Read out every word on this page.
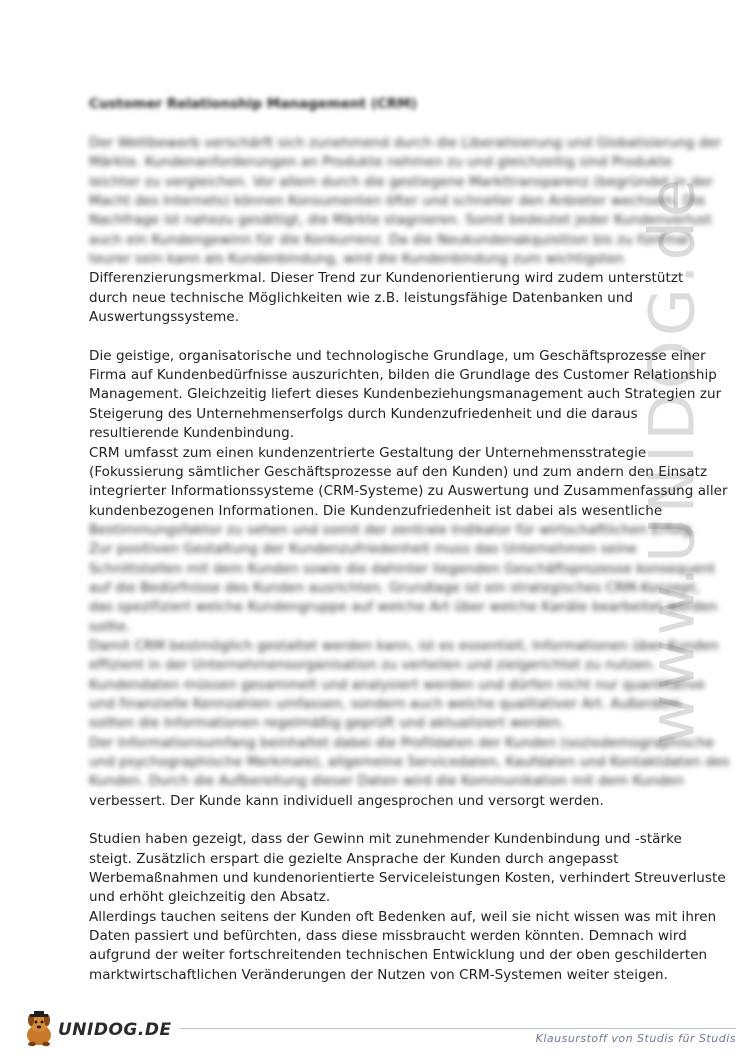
www.UNIDOG.de
Customer Relationship Management (CRM)
Der Wettbewerb verschärft sich zunehmend durch die Liberalisierung und Globalisierung der
Märkte. Kundenanforderungen an Produkte nehmen zu und gleichzeitig sind Produkte
leichter zu vergleichen. Vor allem durch die gestiegene Markttransparenz (begründet in der
Macht des Internets) können Konsumenten öfter und schneller den Anbieter wechseln. Die
Nachfrage ist nahezu gesättigt, die Märkte stagnieren. Somit bedeutet jeder Kundenverlust
auch ein Kundengewinn für die Konkurrenz. Da die Neukundenakquisition bis zu fünfmal
teurer sein kann als Kundenbindung, wird die Kundenbindung zum wichtigsten
Differenzierungsmerkmal. Dieser Trend zur Kundenorientierung wird zudem unterstützt
durch neue technische Möglichkeiten wie z.B. leistungsfähige Datenbanken und
Auswertungssysteme.
Die geistige, organisatorische und technologische Grundlage, um Geschäftsprozesse einer
Firma auf Kundenbedürfnisse auszurichten, bilden die Grundlage des Customer Relationship
Management. Gleichzeitig liefert dieses Kundenbeziehungsmanagement auch Strategien zur
Steigerung des Unternehmenserfolgs durch Kundenzufriedenheit und die daraus
resultierende Kundenbindung.
CRM umfasst zum einen kundenzentrierte Gestaltung der Unternehmensstrategie
(Fokussierung sämtlicher Geschäftsprozesse auf den Kunden) und zum andern den Einsatz
integrierter Informationssysteme (CRM-Systeme) zu Auswertung und Zusammenfassung aller
kundenbezogenen Informationen. Die Kundenzufriedenheit ist dabei als wesentliche
Bestimmungsfaktor zu sehen und somit der zentrale Indikator für wirtschaftlichen Erfolg.
Zur positiven Gestaltung der Kundenzufriedenheit muss das Unternehmen seine
Schnittstellen mit dem Kunden sowie die dahinter liegenden Geschäftsprozesse konsequent
auf die Bedürfnisse des Kunden ausrichten. Grundlage ist ein strategisches CRM-Konzept,
das spezifiziert welche Kundengruppe auf welche Art über welche Kanäle bearbeitet werden
sollte.
Damit CRM bestmöglich gestaltet werden kann, ist es essentiell, Informationen über Kunden
effizient in der Unternehmensorganisation zu verteilen und zielgerichtet zu nutzen.
Kundendaten müssen gesammelt und analysiert werden und dürfen nicht nur quantitative
und finanzielle Kennzahlen umfassen, sondern auch welche qualitativer Art. Außerdem
sollten die Informationen regelmäßig geprüft und aktualisiert werden.
Der Informationsumfang beinhaltet dabei die Profildaten der Kunden (soziodemographische
und psychographische Merkmale), allgemeine Servicedaten, Kaufdaten und Kontaktdaten des
Kunden. Durch die Aufbereitung dieser Daten wird die Kommunikation mit dem Kunden
verbessert. Der Kunde kann individuell angesprochen und versorgt werden.
Studien haben gezeigt, dass der Gewinn mit zunehmender Kundenbindung und -stärke
steigt. Zusätzlich erspart die gezielte Ansprache der Kunden durch angepasst
Werbemaßnahmen und kundenorientierte Serviceleistungen Kosten, verhindert Streuverluste
und erhöht gleichzeitig den Absatz.
Allerdings tauchen seitens der Kunden oft Bedenken auf, weil sie nicht wissen was mit ihren
Daten passiert und befürchten, dass diese missbraucht werden könnten. Demnach wird
aufgrund der weiter fortschreitenden technischen Entwicklung und der oben geschilderten
marktwirtschaftlichen Veränderungen der Nutzen von CRM-Systemen weiter steigen.
UNIDOG.DE	Klausurstoff von Studis für Studis
